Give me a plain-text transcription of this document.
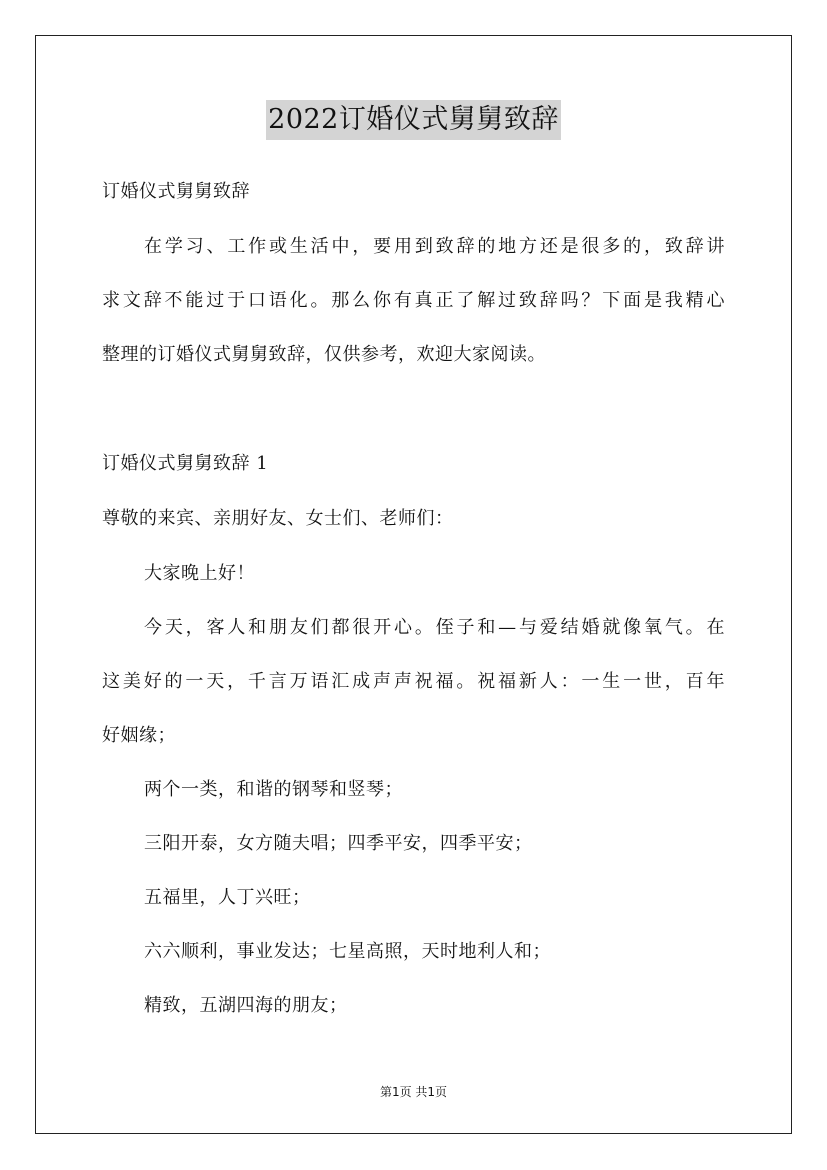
2022订婚仪式舅舅致辞
订婚仪式舅舅致辞
在学习、工作或生活中，要用到致辞的地方还是很多的，致辞讲
求文辞不能过于口语化。那么你有真正了解过致辞吗？下面是我精心
整理的订婚仪式舅舅致辞，仅供参考，欢迎大家阅读。
订婚仪式舅舅致辞 1
尊敬的来宾、亲朋好友、女士们、老师们：
大家晚上好！
今天，客人和朋友们都很开心。侄子和—与爱结婚就像氧气。在
这美好的一天，千言万语汇成声声祝福。祝福新人：一生一世，百年
好姻缘；
两个一类，和谐的钢琴和竖琴；
三阳开泰，女方随夫唱；四季平安，四季平安；
五福里，人丁兴旺；
六六顺利，事业发达；七星高照，天时地利人和；
精致，五湖四海的朋友；
第1页 共1页
